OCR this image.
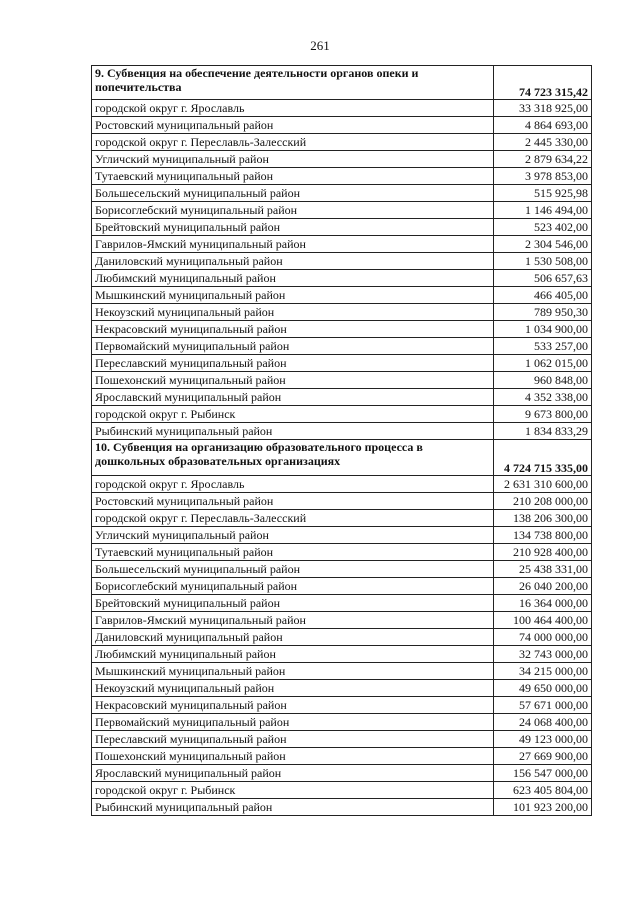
261
9. Субвенция на обеспечение деятельности органов опеки и попечительства	74 723 315,42
городской округ г. Ярославль	33 318 925,00
Ростовский муниципальный район	4 864 693,00
городской округ г. Переславль-Залесский	2 445 330,00
Угличский муниципальный район	2 879 634,22
Тутаевский муниципальный район	3 978 853,00
Большесельский муниципальный район	515 925,98
Борисоглебский муниципальный район	1 146 494,00
Брейтовский муниципальный район	523 402,00
Гаврилов-Ямский муниципальный район	2 304 546,00
Даниловский муниципальный район	1 530 508,00
Любимский муниципальный район	506 657,63
Мышкинский муниципальный район	466 405,00
Некоузский муниципальный район	789 950,30
Некрасовский муниципальный район	1 034 900,00
Первомайский муниципальный район	533 257,00
Переславский муниципальный район	1 062 015,00
Пошехонский муниципальный район	960 848,00
Ярославский муниципальный район	4 352 338,00
городской округ г. Рыбинск	9 673 800,00
Рыбинский муниципальный район	1 834 833,29
10. Субвенция на организацию образовательного процесса в дошкольных образовательных организациях	4 724 715 335,00
городской округ г. Ярославль	2 631 310 600,00
Ростовский муниципальный район	210 208 000,00
городской округ г. Переславль-Залесский	138 206 300,00
Угличский муниципальный район	134 738 800,00
Тутаевский муниципальный район	210 928 400,00
Большесельский муниципальный район	25 438 331,00
Борисоглебский муниципальный район	26 040 200,00
Брейтовский муниципальный район	16 364 000,00
Гаврилов-Ямский муниципальный район	100 464 400,00
Даниловский муниципальный район	74 000 000,00
Любимский муниципальный район	32 743 000,00
Мышкинский муниципальный район	34 215 000,00
Некоузский муниципальный район	49 650 000,00
Некрасовский муниципальный район	57 671 000,00
Первомайский муниципальный район	24 068 400,00
Переславский муниципальный район	49 123 000,00
Пошехонский муниципальный район	27 669 900,00
Ярославский муниципальный район	156 547 000,00
городской округ г. Рыбинск	623 405 804,00
Рыбинский муниципальный район	101 923 200,00
